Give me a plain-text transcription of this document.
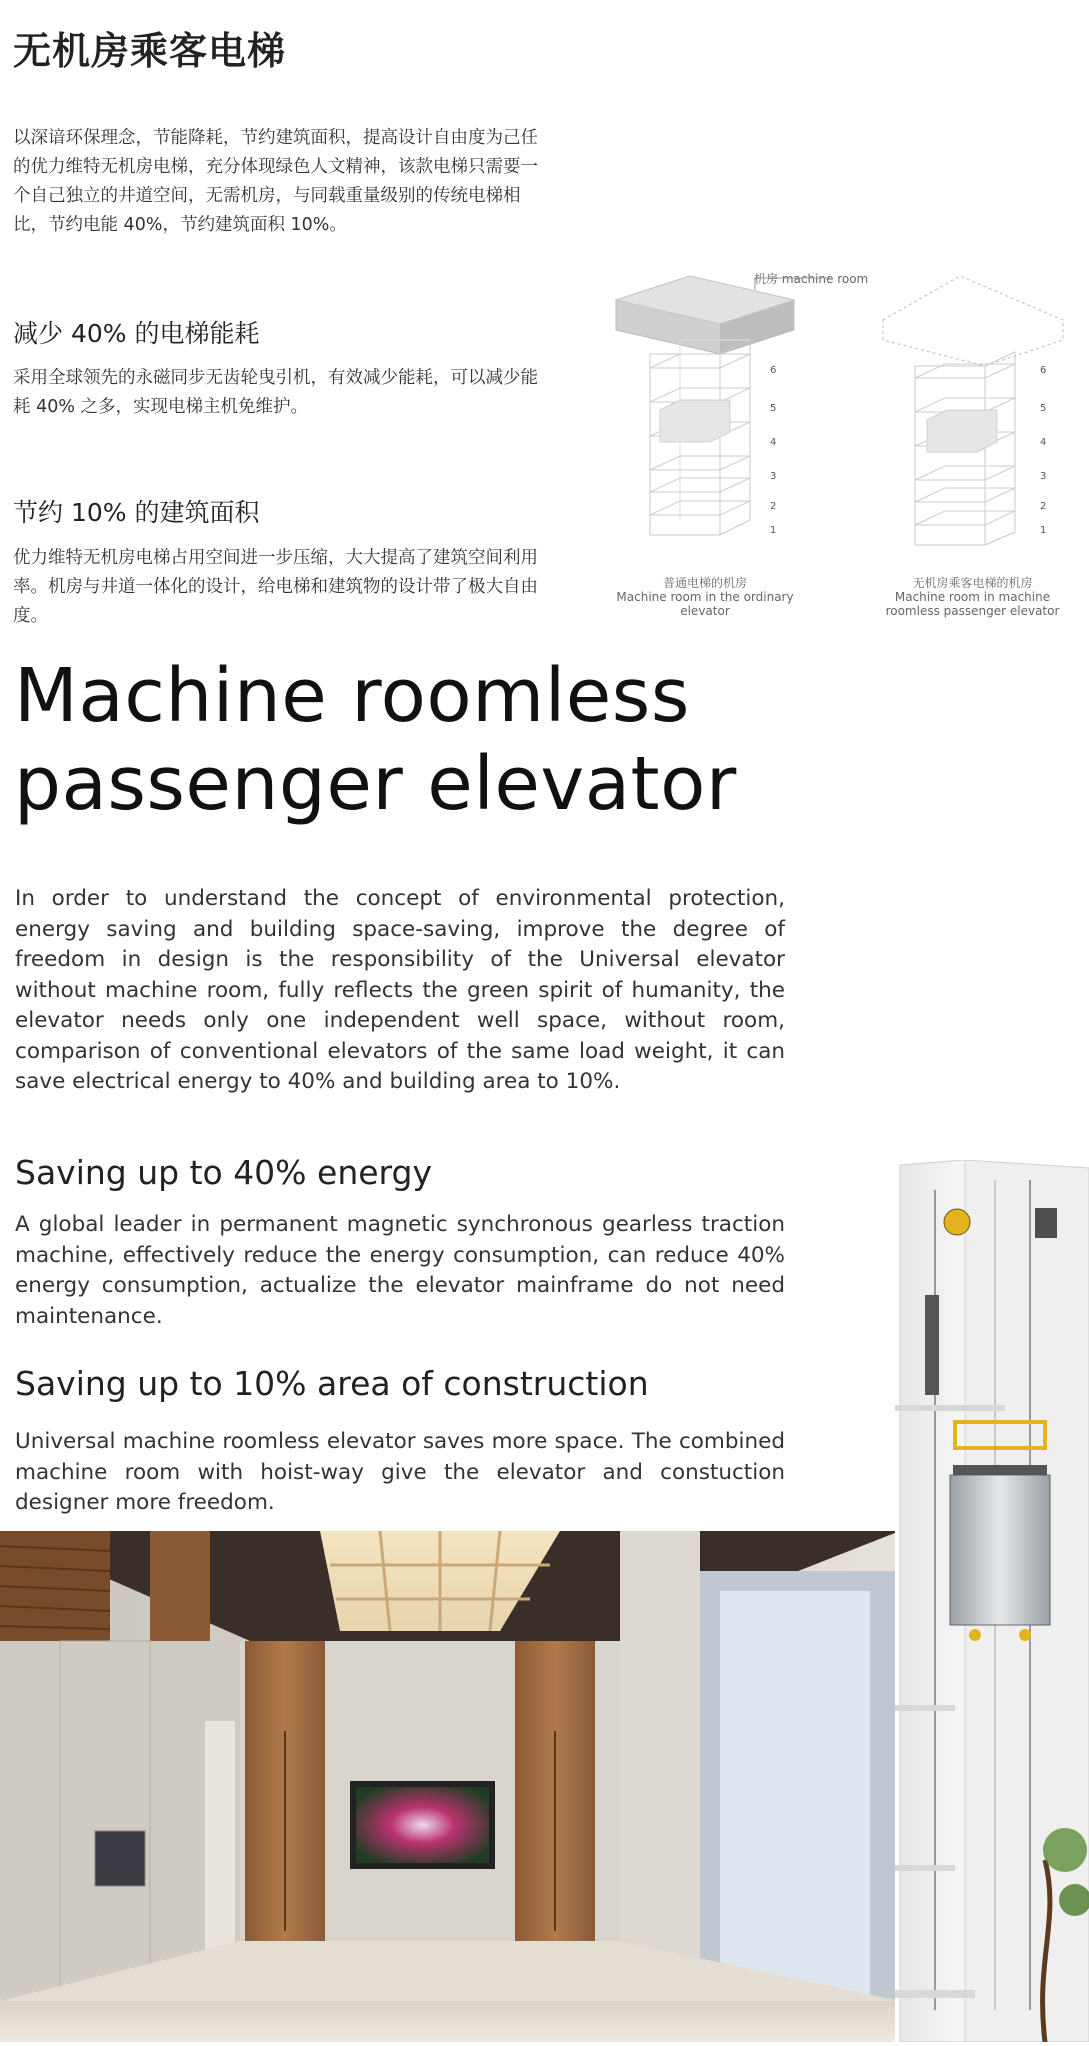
无机房乘客电梯
以深谙环保理念，节能降耗，节约建筑面积，提高设计自由度为己任的优力维特无机房电梯，充分体现绿色人文精神，该款电梯只需要一个自己独立的井道空间，无需机房，与同载重量级别的传统电梯相比，节约电能 40%，节约建筑面积 10%。
减少 40% 的电梯能耗
采用全球领先的永磁同步无齿轮曳引机，有效减少能耗，可以减少能耗 40% 之多，实现电梯主机免维护。
节约 10% 的建筑面积
优力维特无机房电梯占用空间进一步压缩，大大提高了建筑空间利用率。机房与井道一体化的设计，给电梯和建筑物的设计带了极大自由度。
机房 machine room
6
5
4
3
2
1
6
5
4
3
2
1
普通电梯的机房
Machine room in the ordinary elevator
无机房乘客电梯的机房
Machine room in machine
roomless passenger elevator
Machine roomless
passenger elevator
In order to understand the concept of environmental protection, energy saving and building space-saving, improve the degree of freedom in design is the responsibility of the Universal elevator without machine room, fully reflects the green spirit of humanity, the elevator needs only one independent well space, without room, comparison of conventional elevators of the same load weight, it can save electrical energy to 40% and building area to 10%.
Saving up to 40% energy
A global leader in permanent magnetic synchronous gearless traction machine, effectively reduce the energy consumption, can reduce 40% energy consumption, actualize the elevator mainframe do not need maintenance.
Saving up to 10% area of construction
Universal machine roomless elevator saves more space. The combined machine room with hoist-way give the elevator and constuction designer more freedom.
